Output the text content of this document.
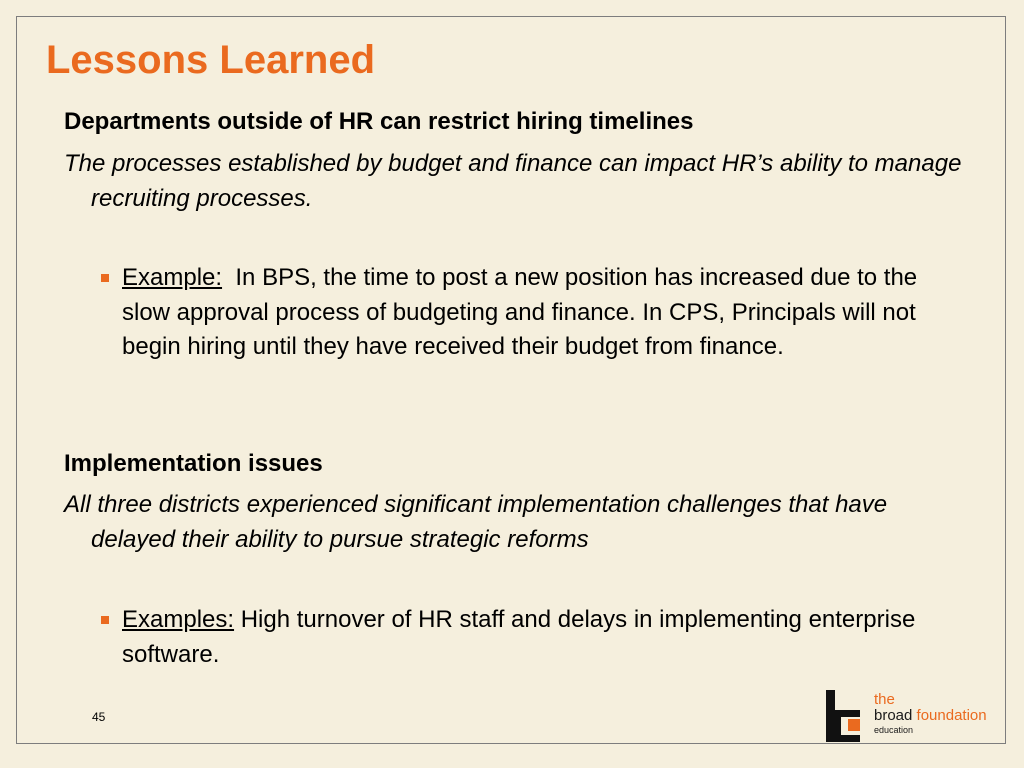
Lessons Learned

Departments outside of HR can restrict hiring timelines

The processes established by budget and finance can impact HR’s ability to manage recruiting processes.

Example: In BPS, the time to post a new position has increased due to the slow approval process of budgeting and finance. In CPS, Principals will not begin hiring until they have received their budget from finance.

Implementation issues

All three districts experienced significant implementation challenges that have delayed their ability to pursue strategic reforms

Examples: High turnover of HR staff and delays in implementing enterprise software.
45
the
broad foundation
education
